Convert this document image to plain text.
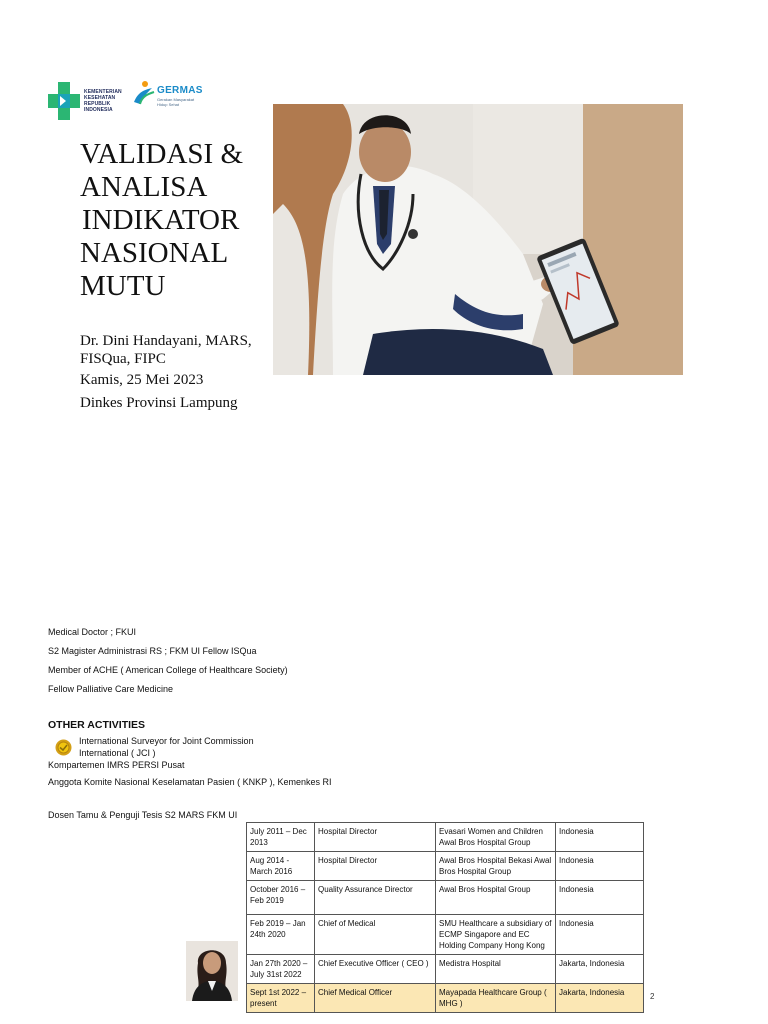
KEMENTERIAN
KESEHATAN
REPUBLIK
INDONESIA
GERMAS
Gerakan Masyarakat Hidup Sehat
VALIDASI &
ANALISA
INDIKATOR
NASIONAL
MUTU
Dr. Dini Handayani, MARS, FISQua, FIPC
Kamis, 25 Mei 2023
Dinkes Provinsi Lampung
Medical Doctor ; FKUI
S2 Magister Administrasi RS ; FKM UI Fellow ISQua
Member of ACHE ( American College of Healthcare Society)
Fellow Palliative Care Medicine
OTHER ACTIVITIES
International Surveyor for Joint Commission International ( JCI )
Kompartemen IMRS PERSI Pusat
Anggota Komite Nasional Keselamatan Pasien ( KNKP ), Kemenkes RI
Dosen Tamu & Penguji Tesis S2 MARS FKM UI
July 2011 – Dec 2013	Hospital Director	Evasari Women and Children Awal Bros Hospital Group	Indonesia
Aug 2014 - March 2016	Hospital Director	Awal Bros Hospital Bekasi Awal Bros Hospital Group	Indonesia
October 2016 – Feb 2019	Quality Assurance Director	Awal Bros Hospital Group	Indonesia
Feb 2019 – Jan 24th 2020	Chief of Medical	SMU Healthcare a subsidiary of ECMP Singapore and EC Holding Company Hong Kong	Indonesia
Jan 27th 2020 – July 31st 2022	Chief Executive Officer ( CEO )	Medistra Hospital	Jakarta, Indonesia
Sept 1st 2022 – present	Chief Medical Officer	Mayapada Healthcare Group ( MHG )	Jakarta, Indonesia	2
